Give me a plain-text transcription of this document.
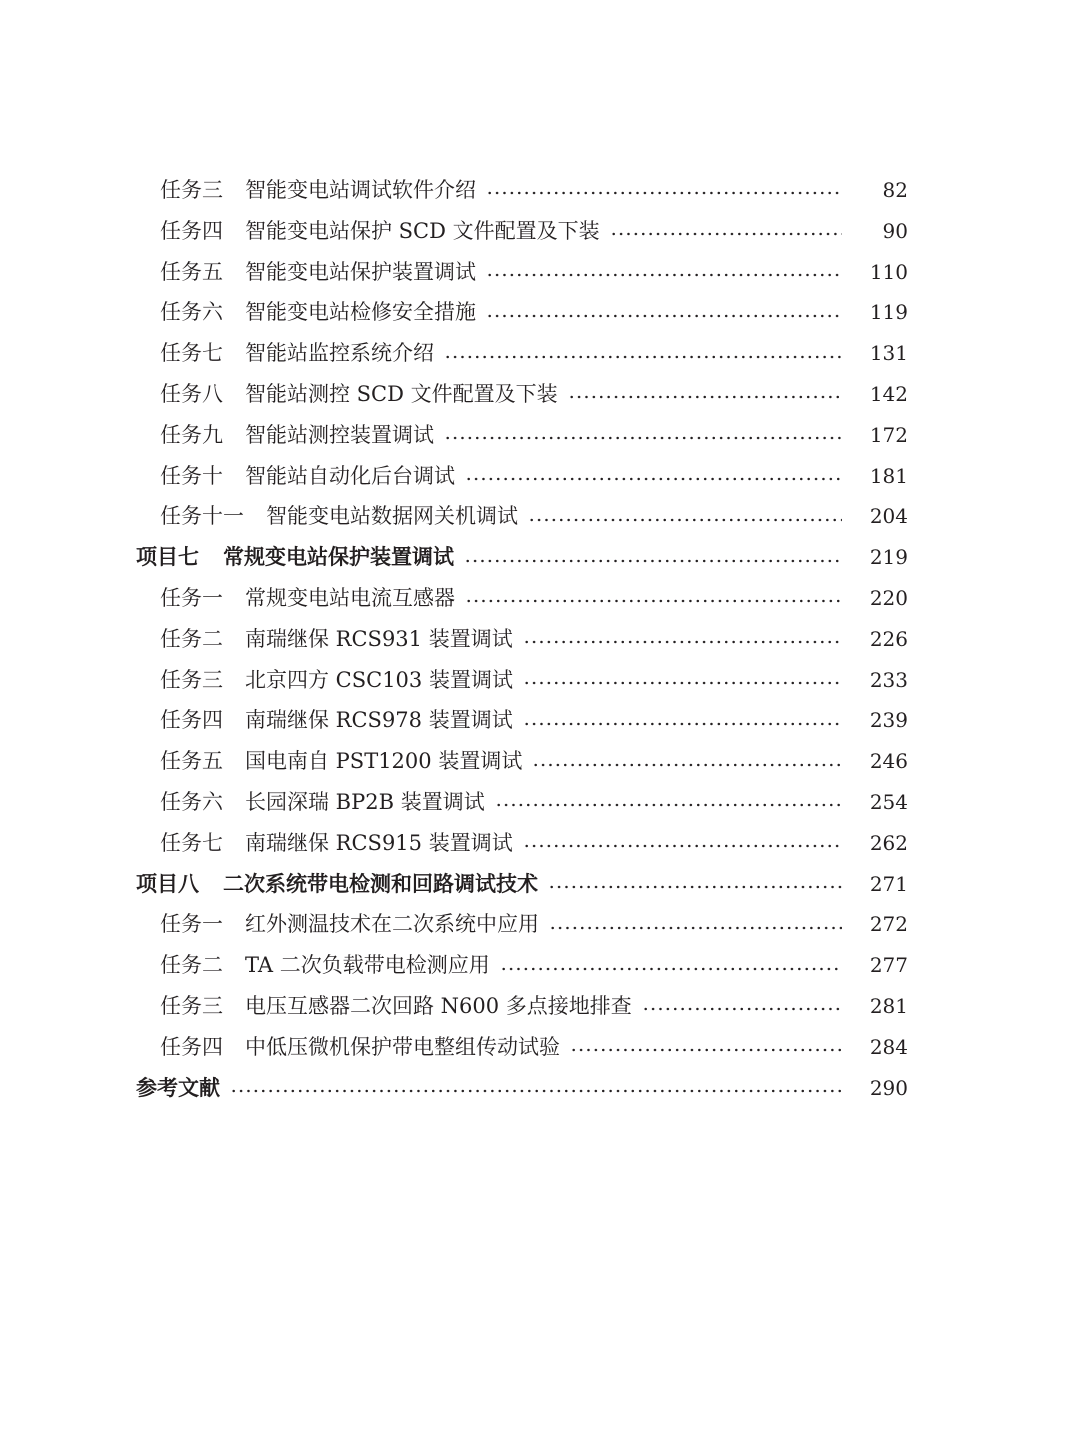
任务三 智能变电站调试软件介绍	82
任务四 智能变电站保护 SCD 文件配置及下装	90
任务五 智能变电站保护装置调试	110
任务六 智能变电站检修安全措施	119
任务七 智能站监控系统介绍	131
任务八 智能站测控 SCD 文件配置及下装	142
任务九 智能站测控装置调试	172
任务十 智能站自动化后台调试	181
任务十一 智能变电站数据网关机调试	204
项目七 常规变电站保护装置调试	219
任务一 常规变电站电流互感器	220
任务二 南瑞继保 RCS931 装置调试	226
任务三 北京四方 CSC103 装置调试	233
任务四 南瑞继保 RCS978 装置调试	239
任务五 国电南自 PST1200 装置调试	246
任务六 长园深瑞 BP2B 装置调试	254
任务七 南瑞继保 RCS915 装置调试	262
项目八 二次系统带电检测和回路调试技术	271
任务一 红外测温技术在二次系统中应用	272
任务二 TA 二次负载带电检测应用	277
任务三 电压互感器二次回路 N600 多点接地排查	281
任务四 中低压微机保护带电整组传动试验	284
参考文献	290
